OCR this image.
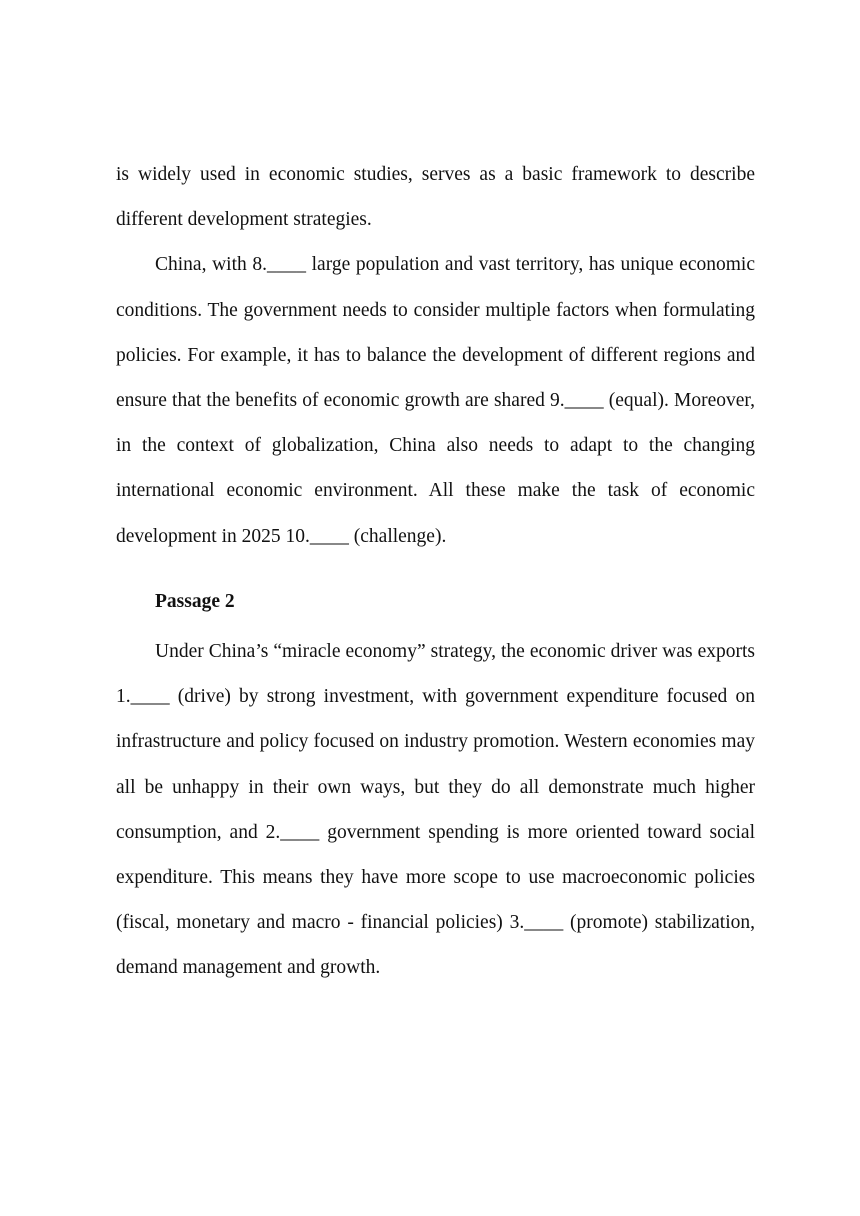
is widely used in economic studies, serves as a basic framework to describe different development strategies.

China, with 8.____ large population and vast territory, has unique economic conditions. The government needs to consider multiple factors when formulating policies. For example, it has to balance the development of different regions and ensure that the benefits of economic growth are shared 9.____ (equal). Moreover, in the context of globalization, China also needs to adapt to the changing international economic environment. All these make the task of economic development in 2025 10.____ (challenge).

Passage 2

Under China’s “miracle economy” strategy, the economic driver was exports 1.____ (drive) by strong investment, with government expenditure focused on infrastructure and policy focused on industry promotion. Western economies may all be unhappy in their own ways, but they do all demonstrate much higher consumption, and 2.____ government spending is more oriented toward social expenditure. This means they have more scope to use macroeconomic policies (fiscal, monetary and macro - financial policies) 3.____ (promote) stabilization, demand management and growth.
